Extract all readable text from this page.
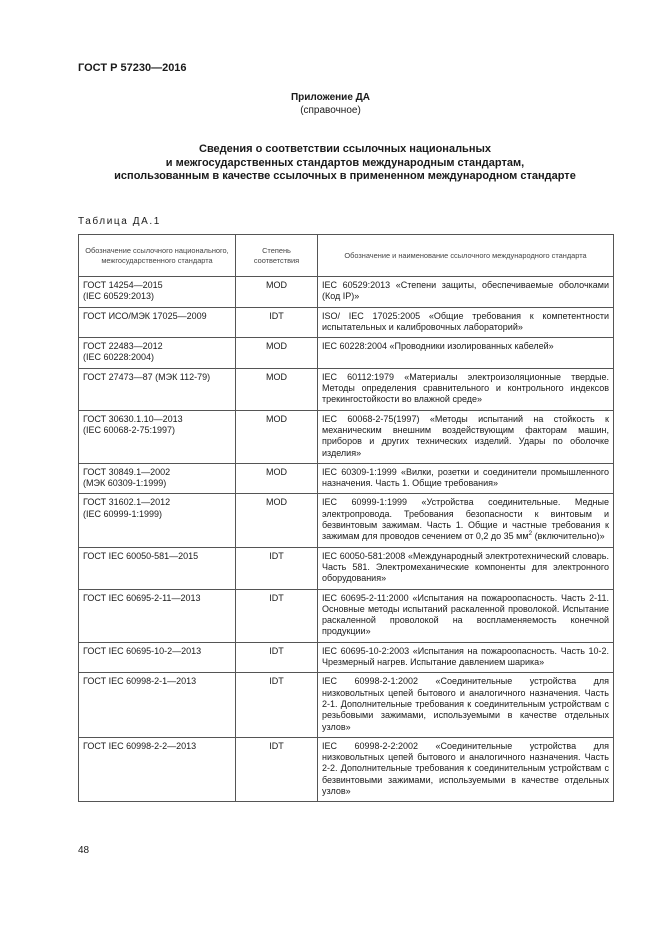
ГОСТ Р 57230—2016
Приложение ДА
(справочное)
Сведения о соответствии ссылочных национальных
и межгосударственных стандартов международным стандартам,
использованным в качестве ссылочных в примененном международном стандарте
Таблица ДА.1
Обозначение ссылочного национального, межгосударственного стандарта	Степень соответствия	Обозначение и наименование ссылочного международного стандарта

ГОСТ 14254—2015
(IEC 60529:2013)	MOD	IEC 60529:2013 «Степени защиты, обеспечиваемые оболочками (Код IP)»

ГОСТ ИСО/МЭК 17025—2009	IDT	ISO/ IEC 17025:2005 «Общие требования к компетентности испытательных и калибровочных лабораторий»

ГОСТ 22483—2012
(IEC 60228:2004)	MOD	IEC 60228:2004 «Проводники изолированных кабелей»

ГОСТ 27473—87 (МЭК 112-79)	MOD	IEC 60112:1979 «Материалы электроизоляционные твердые. Методы определения сравнительного и контрольного индексов трекингостойкости во влажной среде»

ГОСТ 30630.1.10—2013
(IEC 60068-2-75:1997)	MOD	IEC 60068-2-75(1997) «Методы испытаний на стойкость к механическим внешним воздействующим факторам машин, приборов и других технических изделий. Удары по оболочке изделия»

ГОСТ 30849.1—2002
(МЭК 60309-1:1999)	MOD	IEC 60309-1:1999 «Вилки, розетки и соединители промышленного назначения. Часть 1. Общие требования»

ГОСТ 31602.1—2012
(IEC 60999-1:1999)	MOD	IEC 60999-1:1999 «Устройства соединительные. Медные электропровода. Требования безопасности к винтовым и безвинтовым зажимам. Часть 1. Общие и частные требования к зажимам для проводов сечением от 0,2 до 35 $мм^2$ (включительно)»

ГОСТ IEC 60050-581—2015	IDT	IEC 60050-581:2008 «Международный электротехнический словарь. Часть 581. Электромеханические компоненты для электронного оборудования»

ГОСТ IEC 60695-2-11—2013	IDT	IEC 60695-2-11:2000 «Испытания на пожароопасность. Часть 2-11. Основные методы испытаний раскаленной проволокой. Испытание раскаленной проволокой на воспламеняемость конечной продукции»

ГОСТ IEC 60695-10-2—2013	IDT	IEC 60695-10-2:2003 «Испытания на пожароопасность. Часть 10-2. Чрезмерный нагрев. Испытание давлением шарика»

ГОСТ IEC 60998-2-1—2013	IDT	IEC 60998-2-1:2002 «Соединительные устройства для низковольтных цепей бытового и аналогичного назначения. Часть 2-1. Дополнительные требования к соединительным устройствам с резьбовыми зажимами, используемыми в качестве отдельных узлов»

ГОСТ IEC 60998-2-2—2013	IDT	IEC 60998-2-2:2002 «Соединительные устройства для низковольтных цепей бытового и аналогичного назначения. Часть 2-2. Дополнительные требования к соединительным устройствам с безвинтовыми зажимами, используемыми в качестве отдельных узлов»
48
